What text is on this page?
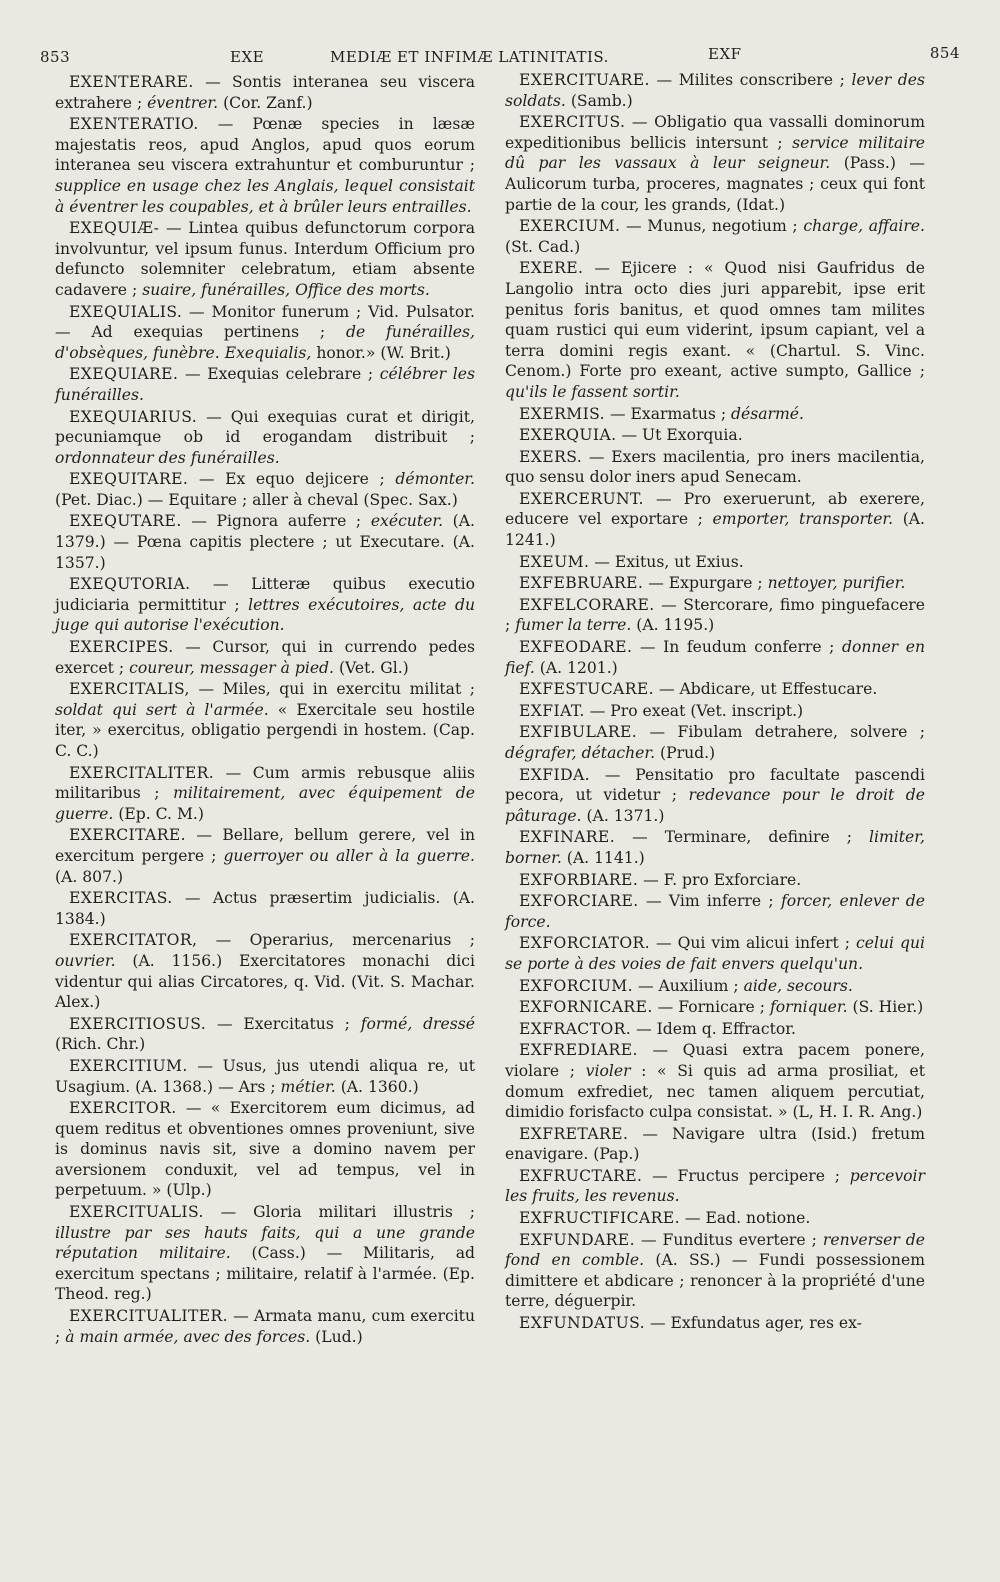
853	EXE	MEDIÆ ET INFIMÆ LATINITATIS.	EXF	854

EXENTERARE. — Sontis interanea seu viscera extrahere ; éventrer. (Cor. Zanf.)

EXENTERATIO. — Pœnæ species in læsæ majestatis reos, apud Anglos, apud quos eorum interanea seu viscera extrahuntur et comburuntur ; supplice en usage chez les Anglais, lequel consistait à éventrer les coupables, et à brûler leurs entrailles.

EXEQUIÆ- — Lintea quibus defunctorum corpora involvuntur, vel ipsum funus. Interdum Officium pro defuncto solemniter celebratum, etiam absente cadavere ; suaire, funérailles, Office des morts.

EXEQUIALIS. — Monitor funerum ; Vid. Pulsator. — Ad exequias pertinens ; de funérailles, d'obsèques, funèbre. Exequialis, honor.» (W. Brit.)

EXEQUIARE. — Exequias celebrare ; célébrer les funérailles.

EXEQUIARIUS. — Qui exequias curat et dirigit, pecuniamque ob id erogandam distribuit ; ordonnateur des funérailles.

EXEQUITARE. — Ex equo dejicere ; démonter. (Pet. Diac.) — Equitare ; aller à cheval (Spec. Sax.)

EXEQUTARE. — Pignora auferre ; exécuter. (A. 1379.) — Pœna capitis plectere ; ut Executare. (A. 1357.)

EXEQUTORIA. — Litteræ quibus executio judiciaria permittitur ; lettres exécutoires, acte du juge qui autorise l'exécution.

EXERCIPES. — Cursor, qui in currendo pedes exercet ; coureur, messager à pied. (Vet. Gl.)

EXERCITALIS, — Miles, qui in exercitu militat ; soldat qui sert à l'armée. « Exercitale seu hostile iter, » exercitus, obligatio pergendi in hostem. (Cap. C. C.)

EXERCITALITER. — Cum armis rebusque aliis militaribus ; militairement, avec équipement de guerre. (Ep. C. M.)

EXERCITARE. — Bellare, bellum gerere, vel in exercitum pergere ; guerroyer ou aller à la guerre. (A. 807.)

EXERCITAS. — Actus præsertim judicialis. (A. 1384.)

EXERCITATOR, — Operarius, mercenarius ; ouvrier. (A. 1156.) Exercitatores monachi dici videntur qui alias Circatores, q. Vid. (Vit. S. Machar. Alex.)

EXERCITIOSUS. — Exercitatus ; formé, dressé (Rich. Chr.)

EXERCITIUM. — Usus, jus utendi aliqua re, ut Usagium. (A. 1368.) — Ars ; métier. (A. 1360.)

EXERCITOR. — « Exercitorem eum dicimus, ad quem reditus et obventiones omnes proveniunt, sive is dominus navis sit, sive a domino navem per aversionem conduxit, vel ad tempus, vel in perpetuum. » (Ulp.)

EXERCITUALIS. — Gloria militari illustris ; illustre par ses hauts faits, qui a une grande réputation militaire. (Cass.) — Militaris, ad exercitum spectans ; militaire, relatif à l'armée. (Ep. Theod. reg.)

EXERCITUALITER. — Armata manu, cum exercitu ; à main armée, avec des forces. (Lud.)

EXERCITUARE. — Milites conscribere ; lever des soldats. (Samb.)

EXERCITUS. — Obligatio qua vassalli dominorum expeditionibus bellicis intersunt ; service militaire dû par les vassaux à leur seigneur. (Pass.) — Aulicorum turba, proceres, magnates ; ceux qui font partie de la cour, les grands, (Idat.)

EXERCIUM. — Munus, negotium ; charge, affaire. (St. Cad.)

EXERE. — Ejicere : « Quod nisi Gaufridus de Langolio intra octo dies juri apparebit, ipse erit penitus foris banitus, et quod omnes tam milites quam rustici qui eum viderint, ipsum capiant, vel a terra domini regis exant. « (Chartul. S. Vinc. Cenom.) Forte pro exeant, active sumpto, Gallice ; qu'ils le fassent sortir.

EXERMIS. — Exarmatus ; désarmé.

EXERQUIA. — Ut Exorquia.

EXERS. — Exers macilentia, pro iners macilentia, quo sensu dolor iners apud Senecam.

EXERCERUNT. — Pro exeruerunt, ab exerere, educere vel exportare ; emporter, transporter. (A. 1241.)

EXEUM. — Exitus, ut Exius.

EXFEBRUARE. — Expurgare ; nettoyer, purifier.

EXFELCORARE. — Stercorare, fimo pinguefacere ; fumer la terre. (A. 1195.)

EXFEODARE. — In feudum conferre ; donner en fief. (A. 1201.)

EXFESTUCARE. — Abdicare, ut Effestucare.

EXFIAT. — Pro exeat (Vet. inscript.)

EXFIBULARE. — Fibulam detrahere, solvere ; dégrafer, détacher. (Prud.)

EXFIDA. — Pensitatio pro facultate pascendi pecora, ut videtur ; redevance pour le droit de pâturage. (A. 1371.)

EXFINARE. — Terminare, definire ; limiter, borner. (A. 1141.)

EXFORBIARE. — F. pro Exforciare.

EXFORCIARE. — Vim inferre ; forcer, enlever de force.

EXFORCIATOR. — Qui vim alicui infert ; celui qui se porte à des voies de fait envers quelqu'un.

EXFORCIUM. — Auxilium ; aide, secours.

EXFORNICARE. — Fornicare ; forniquer. (S. Hier.)

EXFRACTOR. — Idem q. Effractor.

EXFREDIARE. — Quasi extra pacem ponere, violare ; violer : « Si quis ad arma prosiliat, et domum exfrediet, nec tamen aliquem percutiat, dimidio forisfacto culpa consistat. » (L, H. I. R. Ang.)

EXFRETARE. — Navigare ultra (Isid.) fretum enavigare. (Pap.)

EXFRUCTARE. — Fructus percipere ; percevoir les fruits, les revenus.

EXFRUCTIFICARE. — Ead. notione.

EXFUNDARE. — Funditus evertere ; renverser de fond en comble. (A. SS.) — Fundi possessionem dimittere et abdicare ; renoncer à la propriété d'une terre, déguerpir.

EXFUNDATUS. — Exfundatus ager, res ex-
